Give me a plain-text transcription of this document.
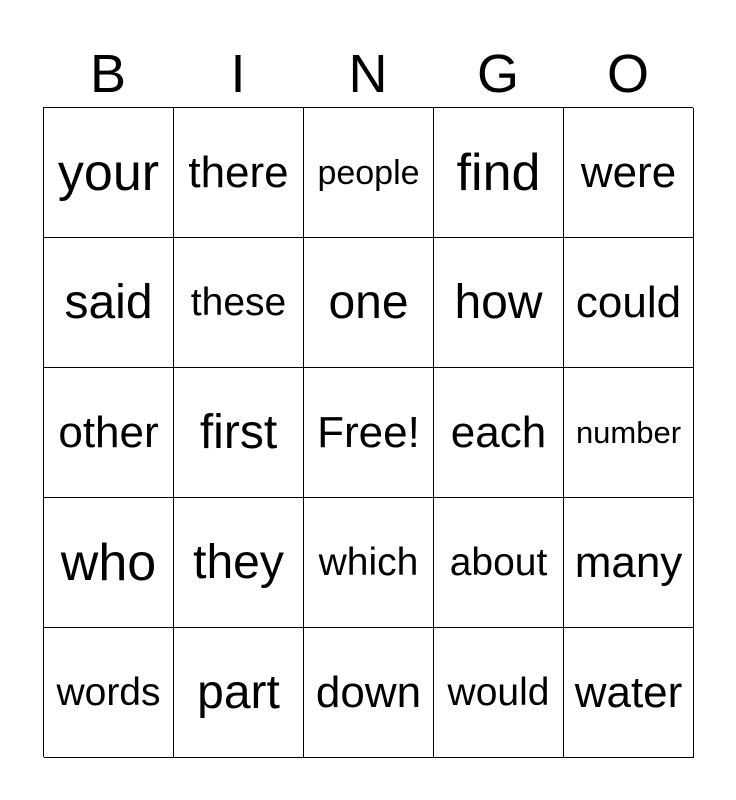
B	I	N	G	O
your there people find were
said these one how could
other first Free! each number
who they which about many
words part down would water
